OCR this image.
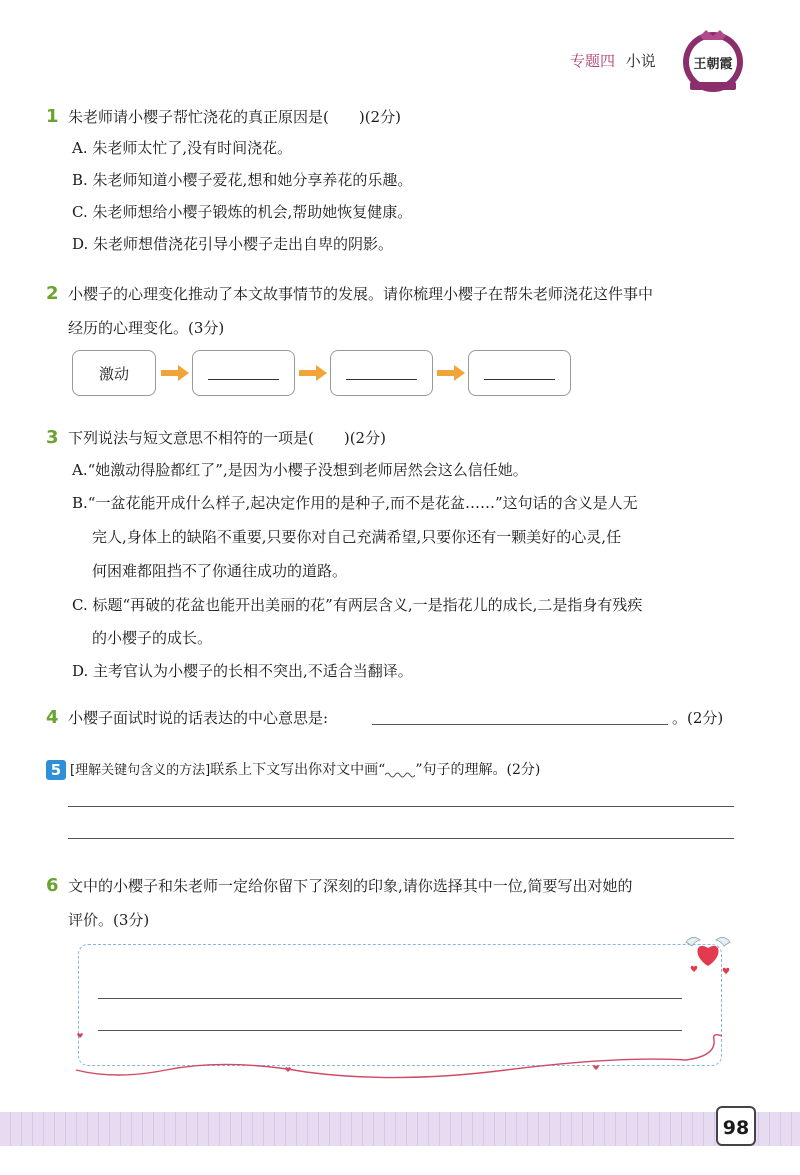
专题四 小说	王朝霞
1 朱老师请小樱子帮忙浇花的真正原因是(　　)(2分)
A. 朱老师太忙了,没有时间浇花。
B. 朱老师知道小樱子爱花,想和她分享养花的乐趣。
C. 朱老师想给小樱子锻炼的机会,帮助她恢复健康。
D. 朱老师想借浇花引导小樱子走出自卑的阴影。
2 小樱子的心理变化推动了本文故事情节的发展。请你梳理小樱子在帮朱老师浇花这件事中
经历的心理变化。(3分)
激动
3 下列说法与短文意思不相符的一项是(　　)(2分)
A.“她激动得脸都红了”,是因为小樱子没想到老师居然会这么信任她。
B.“一盆花能开成什么样子,起决定作用的是种子,而不是花盆……”这句话的含义是人无
完人,身体上的缺陷不重要,只要你对自己充满希望,只要你还有一颗美好的心灵,任
何困难都阻挡不了你通往成功的道路。
C. 标题“再破的花盆也能开出美丽的花”有两层含义,一是指花儿的成长,二是指身有残疾
的小樱子的成长。
D. 主考官认为小樱子的长相不突出,不适合当翻译。
4 小樱子面试时说的话表达的中心意思是:	。(2分)
5 [理解关键句含义的方法]联系上下文写出你对文中画“ ”句子的理解。(2分)
6 文中的小樱子和朱老师一定给你留下了深刻的印象,请你选择其中一位,简要写出对她的
评价。(3分)
98
